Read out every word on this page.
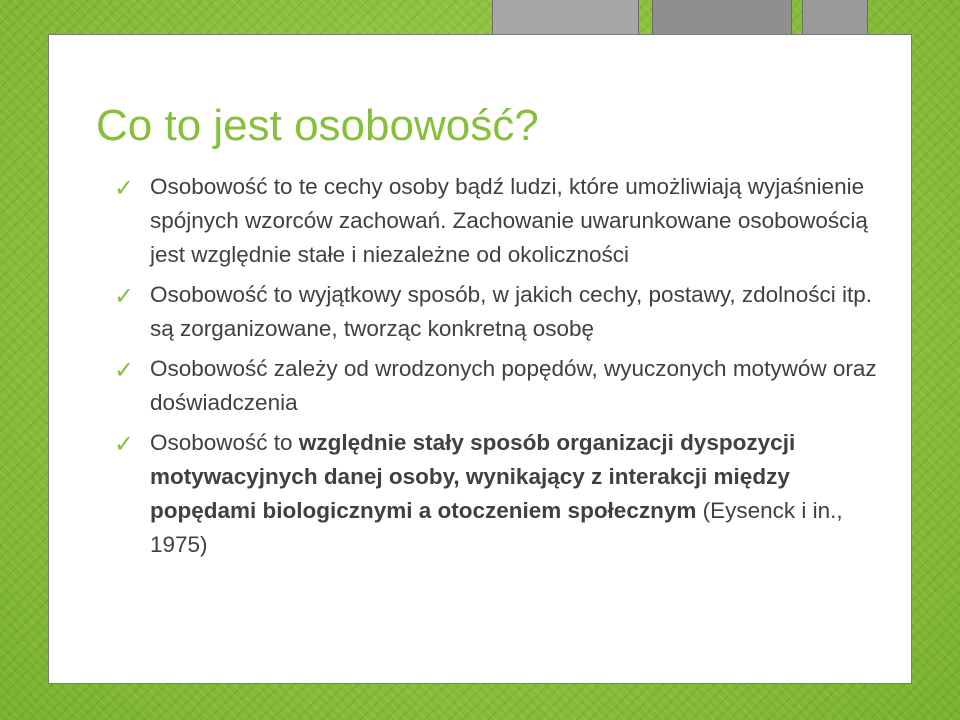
Co to jest osobowość?
✓ Osobowość to te cechy osoby bądź ludzi, które umożliwiają wyjaśnienie spójnych wzorców zachowań. Zachowanie uwarunkowane osobowością jest względnie stałe i niezależne od okoliczności
✓ Osobowość to wyjątkowy sposób, w jakich cechy, postawy, zdolności itp. są zorganizowane, tworząc konkretną osobę
✓ Osobowość zależy od wrodzonych popędów, wyuczonych motywów oraz doświadczenia
✓ Osobowość to względnie stały sposób organizacji dyspozycji motywacyjnych danej osoby, wynikający z interakcji między popędami biologicznymi a otoczeniem społecznym (Eysenck i in., 1975)
